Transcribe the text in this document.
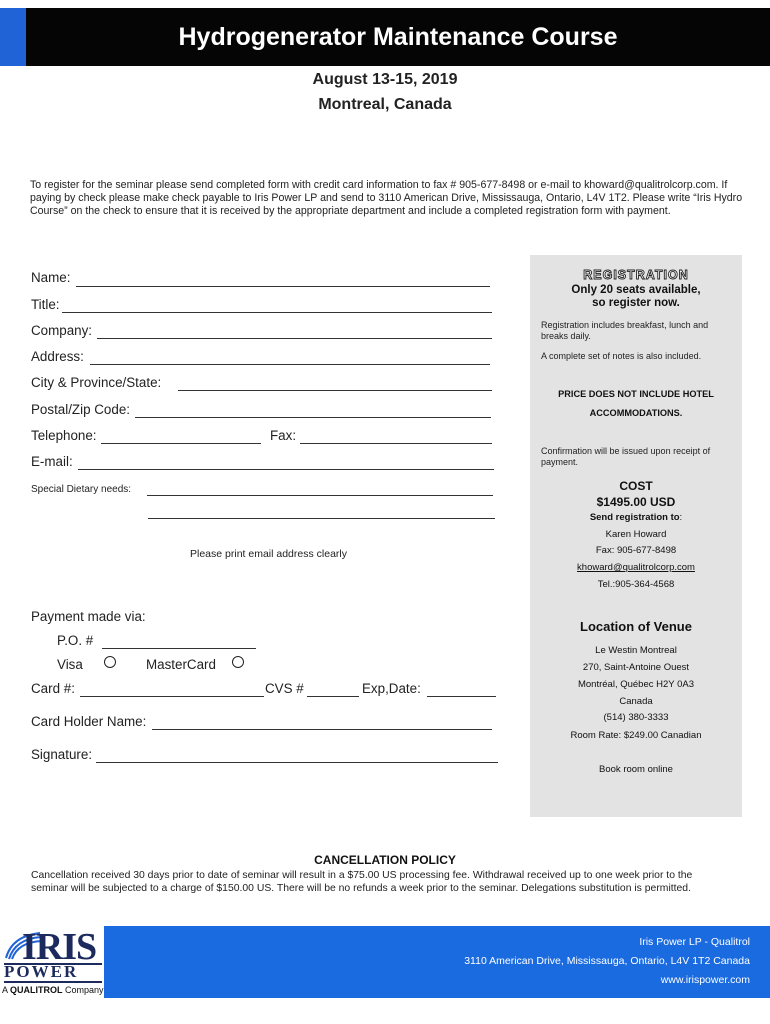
Hydrogenerator Maintenance Course
August 13-15, 2019
Montreal, Canada
To register for the seminar please send completed form with credit card information to fax # 905-677-8498 or e-mail to khoward@qualitrolcorp.com. If paying by check please make check payable to Iris Power LP and send to 3110 American Drive, Mississauga, Ontario, L4V 1T2. Please write “Iris Hydro Course” on the check to ensure that it is received by the appropriate department and include a completed registration form with payment.
Name:
Title:
Company:
Address:
City & Province/State:
Postal/Zip Code:
Telephone:	Fax:
E-mail:
Special Dietary needs:
Please print email address clearly
Payment made via:
P.O. #
Visa	MasterCard
Card #:	CVS #	Exp,Date:
Card Holder Name:
Signature:
REGISTRATION
Only 20 seats available,
so register now.
Registration includes breakfast, lunch and breaks daily.
A complete set of notes is also included.
PRICE DOES NOT INCLUDE HOTEL
ACCOMMODATIONS.
Confirmation will be issued upon receipt of payment.
COST
$1495.00 USD
Send registration to:
Karen Howard
Fax: 905-677-8498
khoward@qualitrolcorp.com
Tel.:905-364-4568
Location of Venue
Le Westin Montreal
270, Saint-Antoine Ouest
Montréal, Québec H2Y 0A3
Canada
(514) 380-3333
Room Rate: $249.00 Canadian
Book room online
CANCELLATION POLICY
Cancellation received 30 days prior to date of seminar will result in a $75.00 US processing fee. Withdrawal received up to one week prior to the seminar will be subjected to a charge of $150.00 US. There will be no refunds a week prior to the seminar. Delegations substitution is permitted.
Iris Power LP - Qualitrol
3110 American Drive, Mississauga, Ontario, L4V 1T2 Canada
www.irispower.com
IRIS
POWER
A QUALITROL Company
